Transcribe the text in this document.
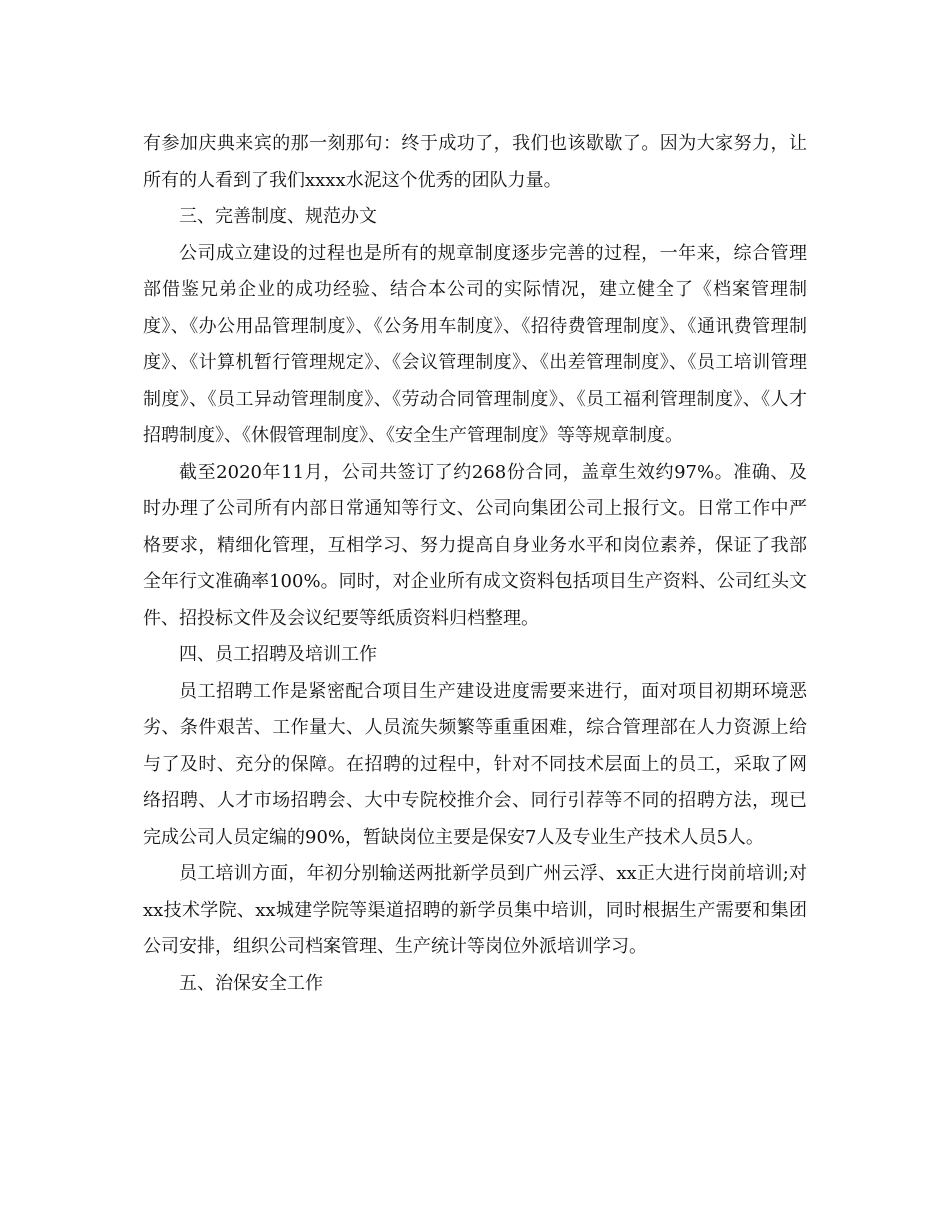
有参加庆典来宾的那一刻那句：终于成功了，我们也该歇歇了。因为大家努力，让所有的人看到了我们xxxx水泥这个优秀的团队力量。

三、完善制度、规范办文

公司成立建设的过程也是所有的规章制度逐步完善的过程，一年来，综合管理部借鉴兄弟企业的成功经验、结合本公司的实际情况，建立健全了《档案管理制度》、《办公用品管理制度》、《公务用车制度》、《招待费管理制度》、《通讯费管理制度》、《计算机暂行管理规定》、《会议管理制度》、《出差管理制度》、《员工培训管理制度》、《员工异动管理制度》、《劳动合同管理制度》、《员工福利管理制度》、《人才招聘制度》、《休假管理制度》、《安全生产管理制度》等等规章制度。

截至2020年11月，公司共签订了约268份合同，盖章生效约97%。准确、及时办理了公司所有内部日常通知等行文、公司向集团公司上报行文。日常工作中严格要求，精细化管理，互相学习、努力提高自身业务水平和岗位素养，保证了我部全年行文准确率100%。同时，对企业所有成文资料包括项目生产资料、公司红头文件、招投标文件及会议纪要等纸质资料归档整理。

四、员工招聘及培训工作

员工招聘工作是紧密配合项目生产建设进度需要来进行，面对项目初期环境恶劣、条件艰苦、工作量大、人员流失频繁等重重困难，综合管理部在人力资源上给与了及时、充分的保障。在招聘的过程中，针对不同技术层面上的员工，采取了网络招聘、人才市场招聘会、大中专院校推介会、同行引荐等不同的招聘方法，现已完成公司人员定编的90%，暂缺岗位主要是保安7人及专业生产技术人员5人。

员工培训方面，年初分别输送两批新学员到广州云浮、xx正大进行岗前培训;对xx技术学院、xx城建学院等渠道招聘的新学员集中培训，同时根据生产需要和集团公司安排，组织公司档案管理、生产统计等岗位外派培训学习。

五、治保安全工作
